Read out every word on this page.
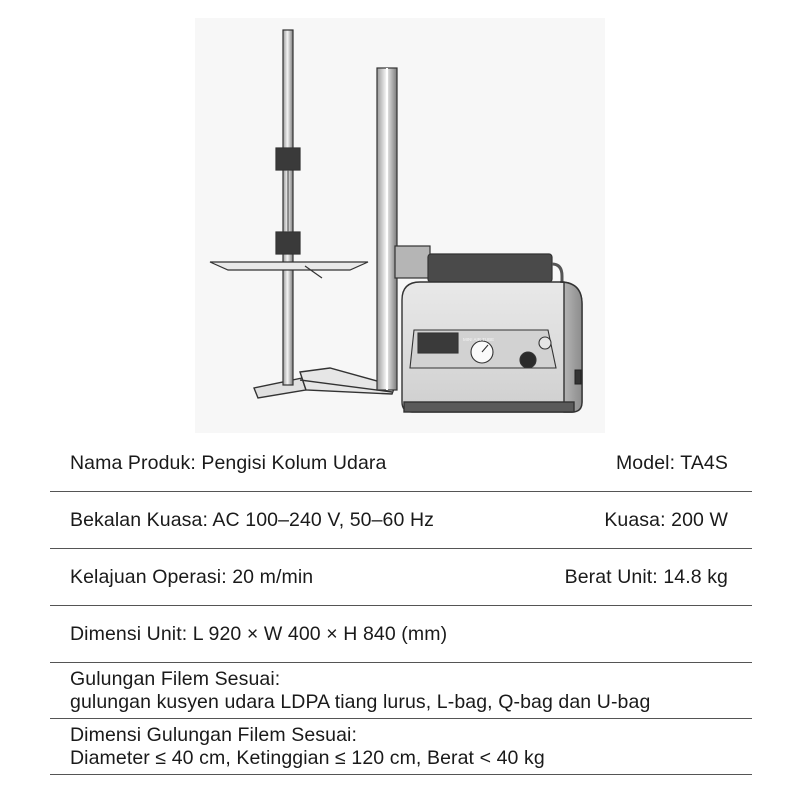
MINI AIR TUBE
Nama Produk: Pengisi Kolum Udara	Model: TA4S
Bekalan Kuasa: AC 100–240 V, 50–60 Hz	Kuasa: 200 W
Kelajuan Operasi: 20 m/min	Berat Unit: 14.8 kg
Dimensi Unit: L 920 × W 400 × H 840 (mm)
Gulungan Filem Sesuai:
gulungan kusyen udara LDPA tiang lurus, L-bag, Q-bag dan U-bag
Dimensi Gulungan Filem Sesuai:
Diameter ≤ 40 cm, Ketinggian ≤ 120 cm, Berat < 40 kg
